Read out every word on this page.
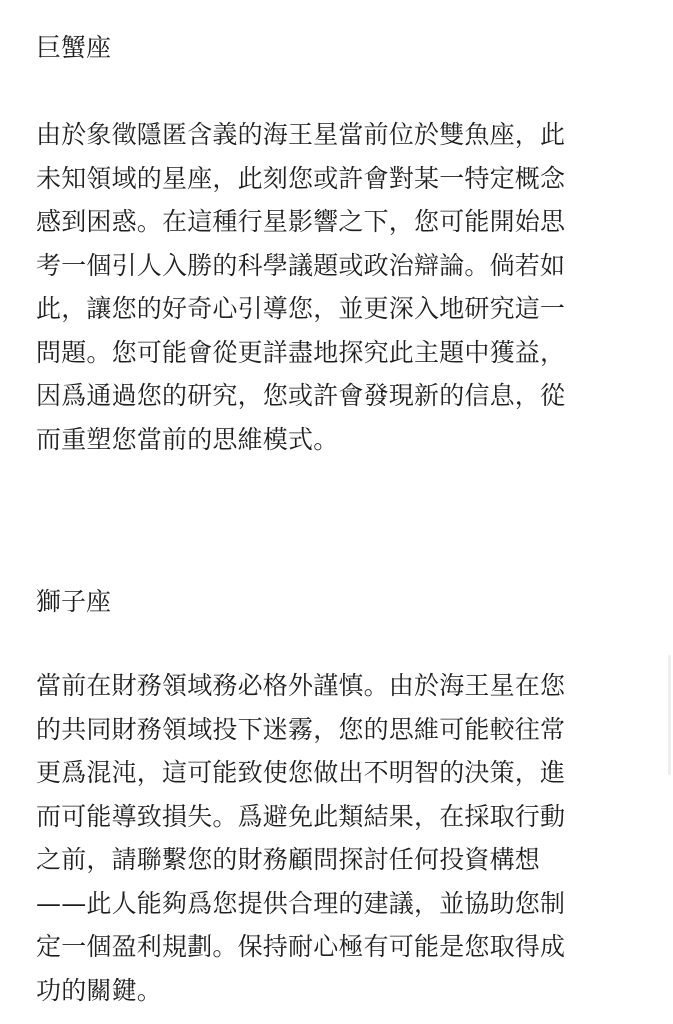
巨蟹座

由於象徵隱匿含義的海王星當前位於雙魚座，此
未知領域的星座，此刻您或許會對某一特定概念
感到困惑。在這種行星影響之下，您可能開始思
考一個引人入勝的科學議題或政治辯論。倘若如
此，讓您的好奇心引導您，並更深入地研究這一
問題。您可能會從更詳盡地探究此主題中獲益，
因爲通過您的研究，您或許會發現新的信息，從
而重塑您當前的思維模式。

獅子座

當前在財務領域務必格外謹慎。由於海王星在您
的共同財務領域投下迷霧，您的思維可能較往常
更爲混沌，這可能致使您做出不明智的決策，進
而可能導致損失。爲避免此類結果，在採取行動
之前，請聯繫您的財務顧問探討任何投資構想
——此人能夠爲您提供合理的建議，並協助您制
定一個盈利規劃。保持耐心極有可能是您取得成
功的關鍵。
